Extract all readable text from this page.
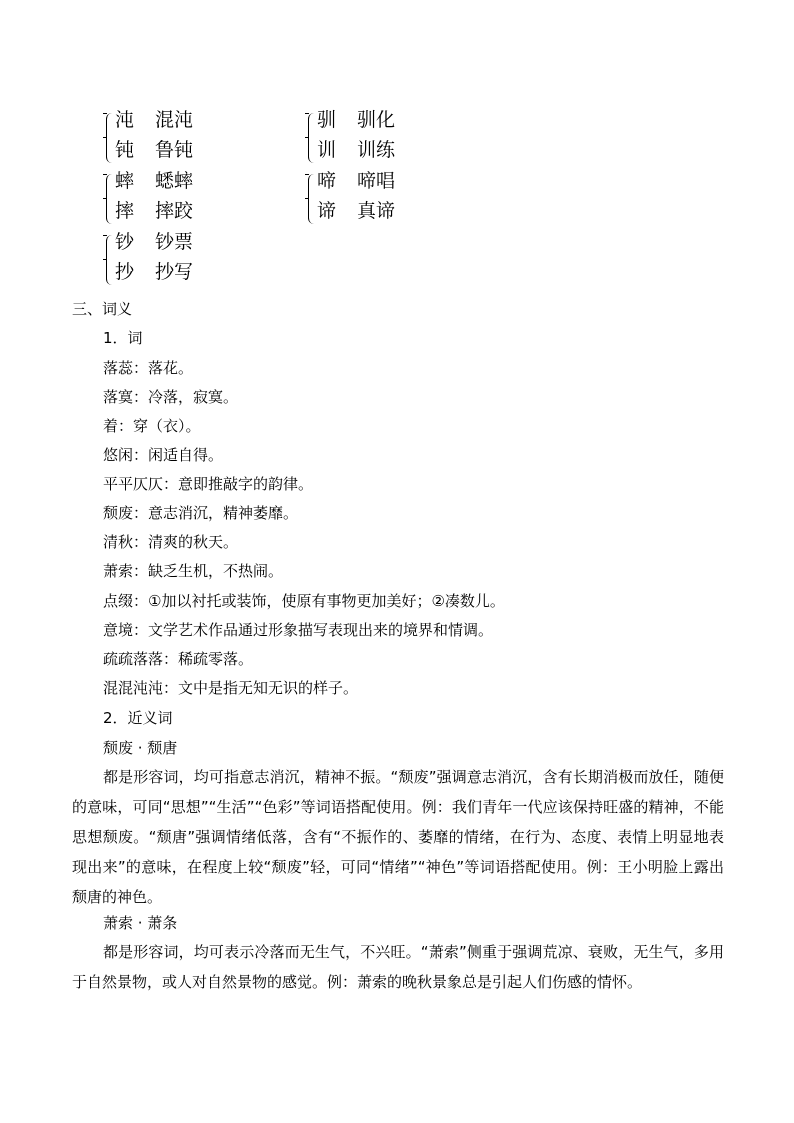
沌 混沌
钝 鲁钝
驯 驯化
训 训练
蟀 蟋蟀
摔 摔跤
啼 啼唱
谛 真谛
钞 钞票
抄 抄写
三、词义
1．词
落蕊：落花。
落寞：冷落，寂寞。
着：穿（衣）。
悠闲：闲适自得。
平平仄仄：意即推敲字的韵律。
颓废：意志消沉，精神萎靡。
清秋：清爽的秋天。
萧索：缺乏生机，不热闹。
点缀：①加以衬托或装饰，使原有事物更加美好；②凑数儿。
意境：文学艺术作品通过形象描写表现出来的境界和情调。
疏疏落落：稀疏零落。
混混沌沌：文中是指无知无识的样子。
2．近义词
颓废 · 颓唐
都是形容词，均可指意志消沉，精神不振。“颓废”强调意志消沉，含有长期消极而放任，随便的意味，可同“思想”“生活”“色彩”等词语搭配使用。例：我们青年一代应该保持旺盛的精神，不能思想颓废。“颓唐”强调情绪低落，含有“不振作的、萎靡的情绪，在行为、态度、表情上明显地表现出来”的意味，在程度上较“颓废”轻，可同“情绪”“神色”等词语搭配使用。例：王小明脸上露出颓唐的神色。
萧索 · 萧条
都是形容词，均可表示冷落而无生气，不兴旺。“萧索”侧重于强调荒凉、衰败，无生气，多用于自然景物，或人对自然景物的感觉。例：萧索的晚秋景象总是引起人们伤感的情怀。
